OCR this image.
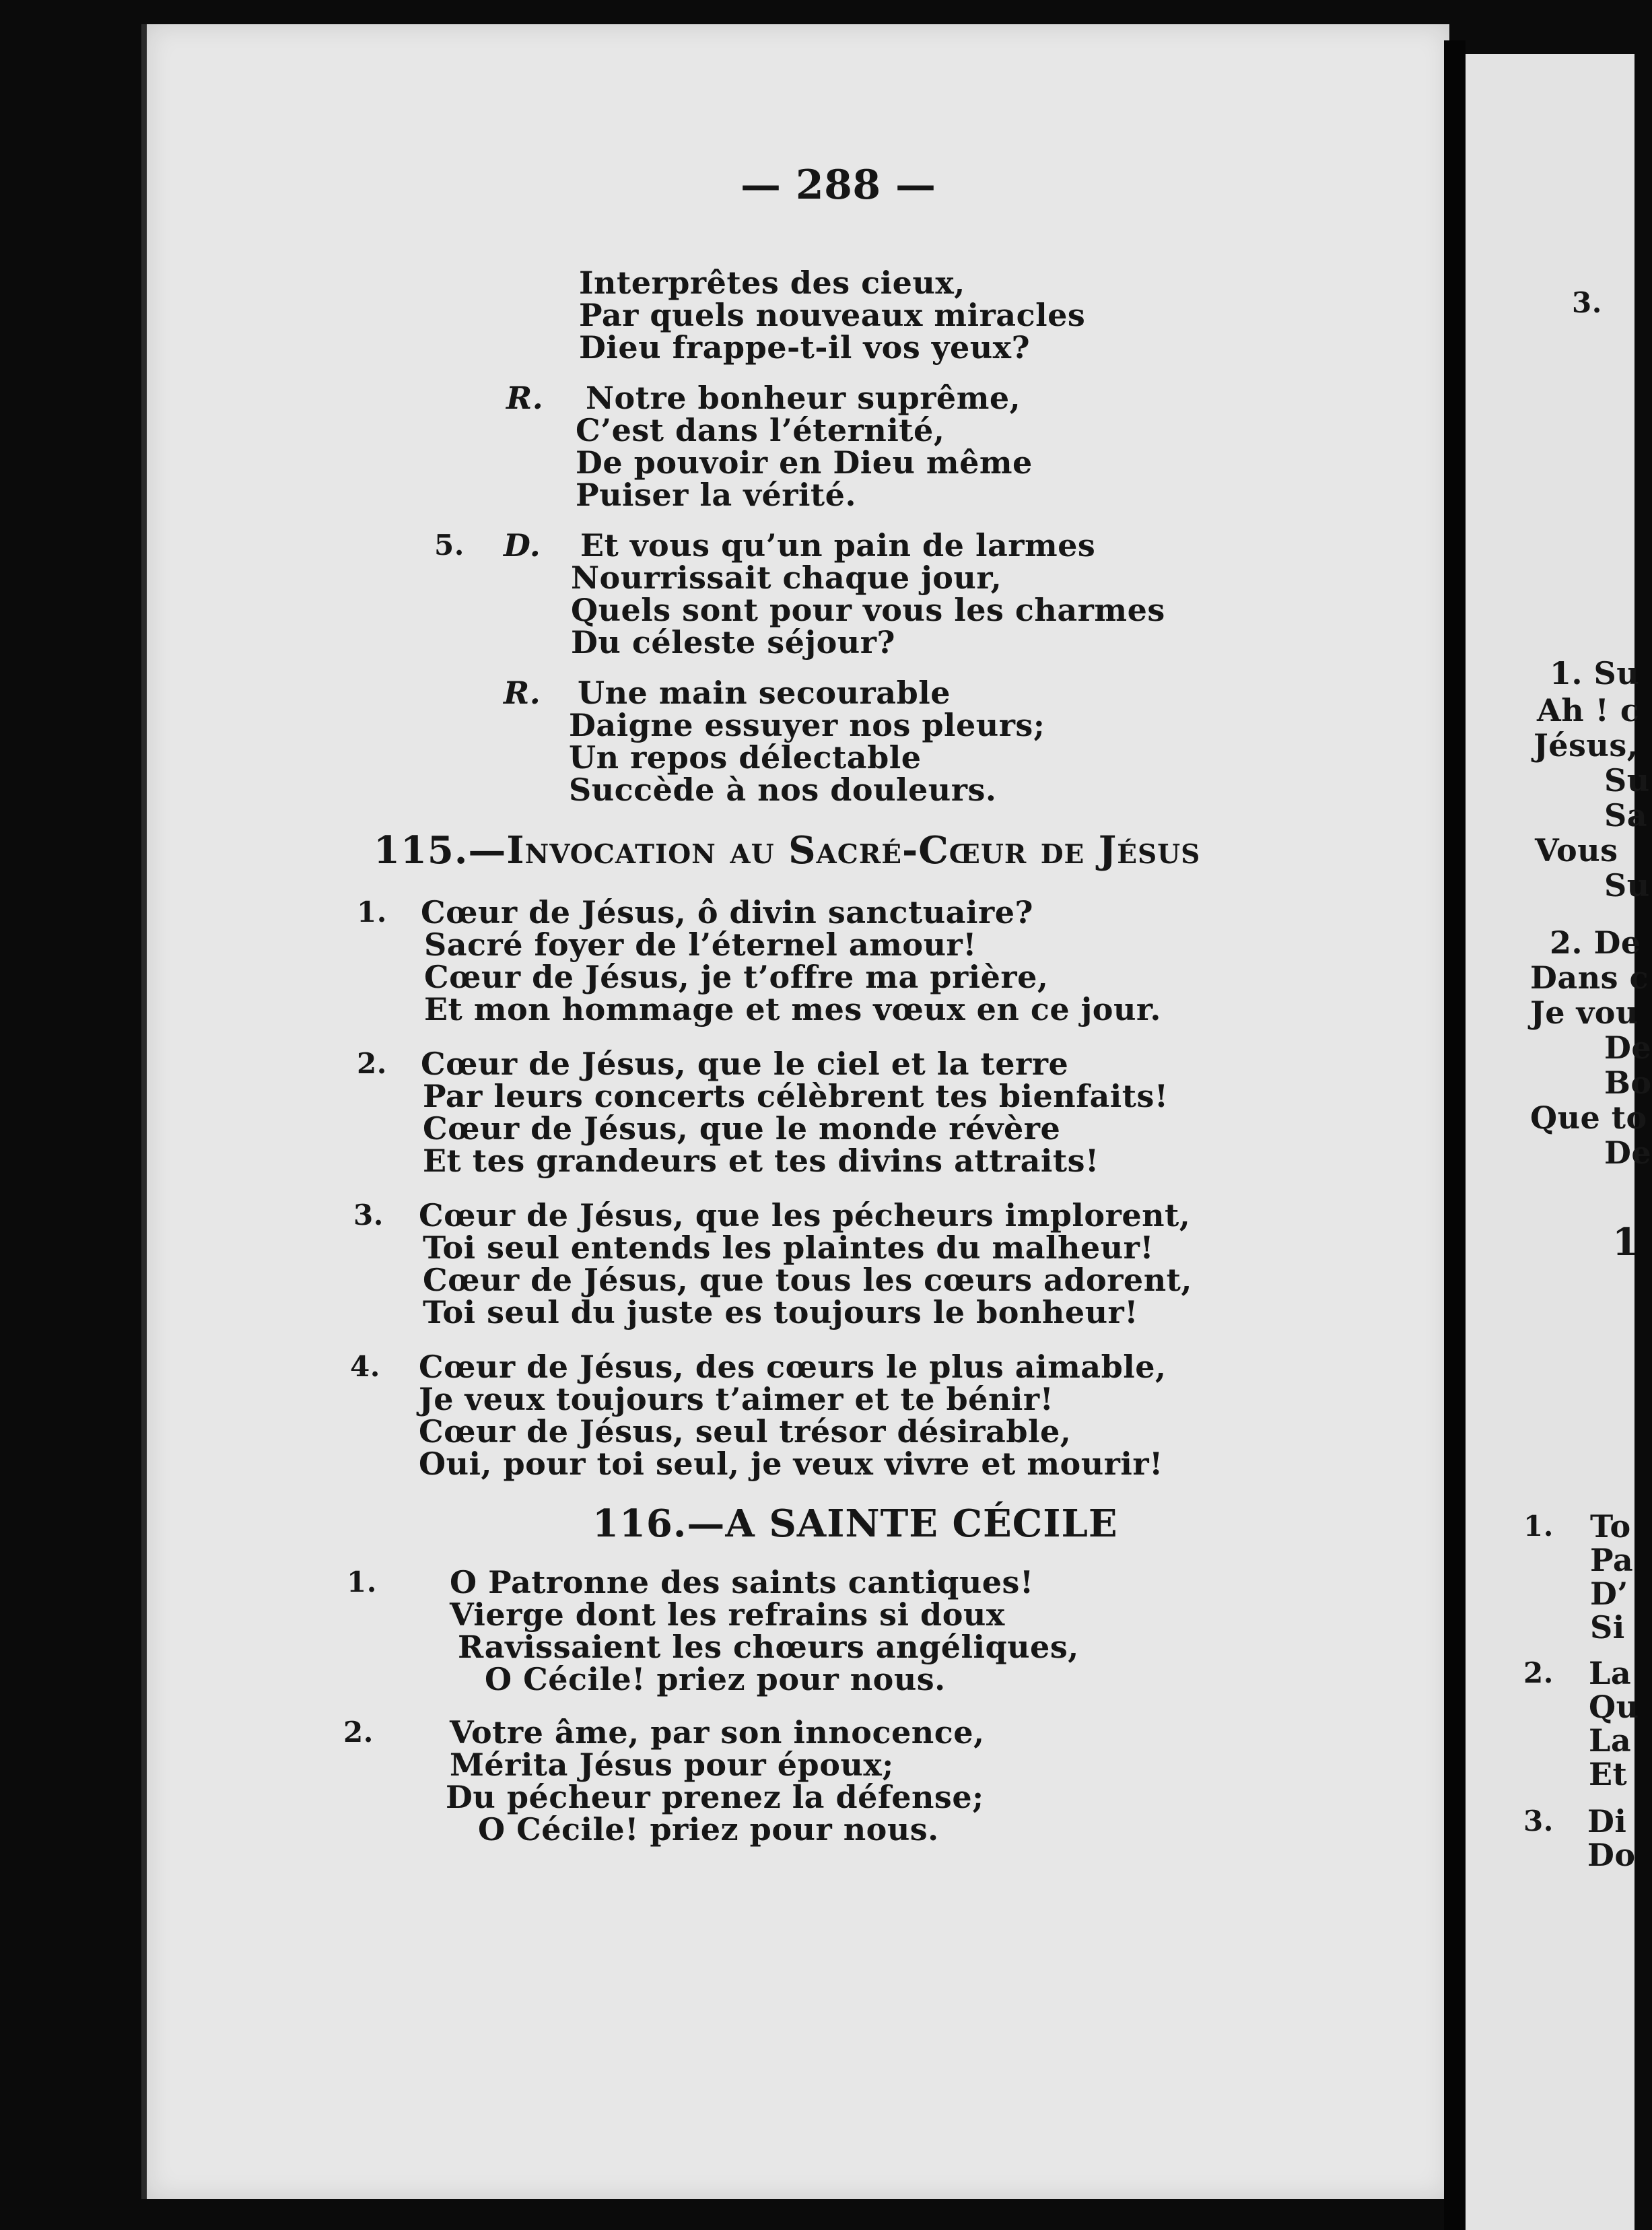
— 288 —
Interprêtes des cieux,
Par quels nouveaux miracles
Dieu frappe-t-il vos yeux?
R. Notre bonheur suprême,
C’est dans l’éternité,
De pouvoir en Dieu même
Puiser la vérité.
5. D. Et vous qu’un pain de larmes
Nourrissait chaque jour,
Quels sont pour vous les charmes
Du céleste séjour?
R. Une main secourable
Daigne essuyer nos pleurs;
Un repos délectable
Succède à nos douleurs.
115.—Invocation au Sacré-Cœur de Jésus
1. Cœur de Jésus, ô divin sanctuaire?
Sacré foyer de l’éternel amour!
Cœur de Jésus, je t’offre ma prière,
Et mon hommage et mes vœux en ce jour.
2. Cœur de Jésus, que le ciel et la terre
Par leurs concerts célèbrent tes bienfaits!
Cœur de Jésus, que le monde révère
Et tes grandeurs et tes divins attraits!
3. Cœur de Jésus, que les pécheurs implorent,
Toi seul entends les plaintes du malheur!
Cœur de Jésus, que tous les cœurs adorent,
Toi seul du juste es toujours le bonheur!
4. Cœur de Jésus, des cœurs le plus aimable,
Je veux toujours t’aimer et te bénir!
Cœur de Jésus, seul trésor désirable,
Oui, pour toi seul, je veux vivre et mourir!
116.—A SAINTE CÉCILE
1. O Patronne des saints cantiques!
Vierge dont les refrains si doux
Ravissaient les chœurs angéliques,
O Cécile! priez pour nous.
2. Votre âme, par son innocence,
Mérita Jésus pour époux;
Du pécheur prenez la défense;
O Cécile! priez pour nous.
3.
1. Su
Ah ! c
Jésus,
Su
Sa
Vous
Su
2. De
Dans c
Je vou
De
Bo
Que to
De
1
1. To
Pa
D’
Si
2. La
Qu
La
Et
3. Di
Do
